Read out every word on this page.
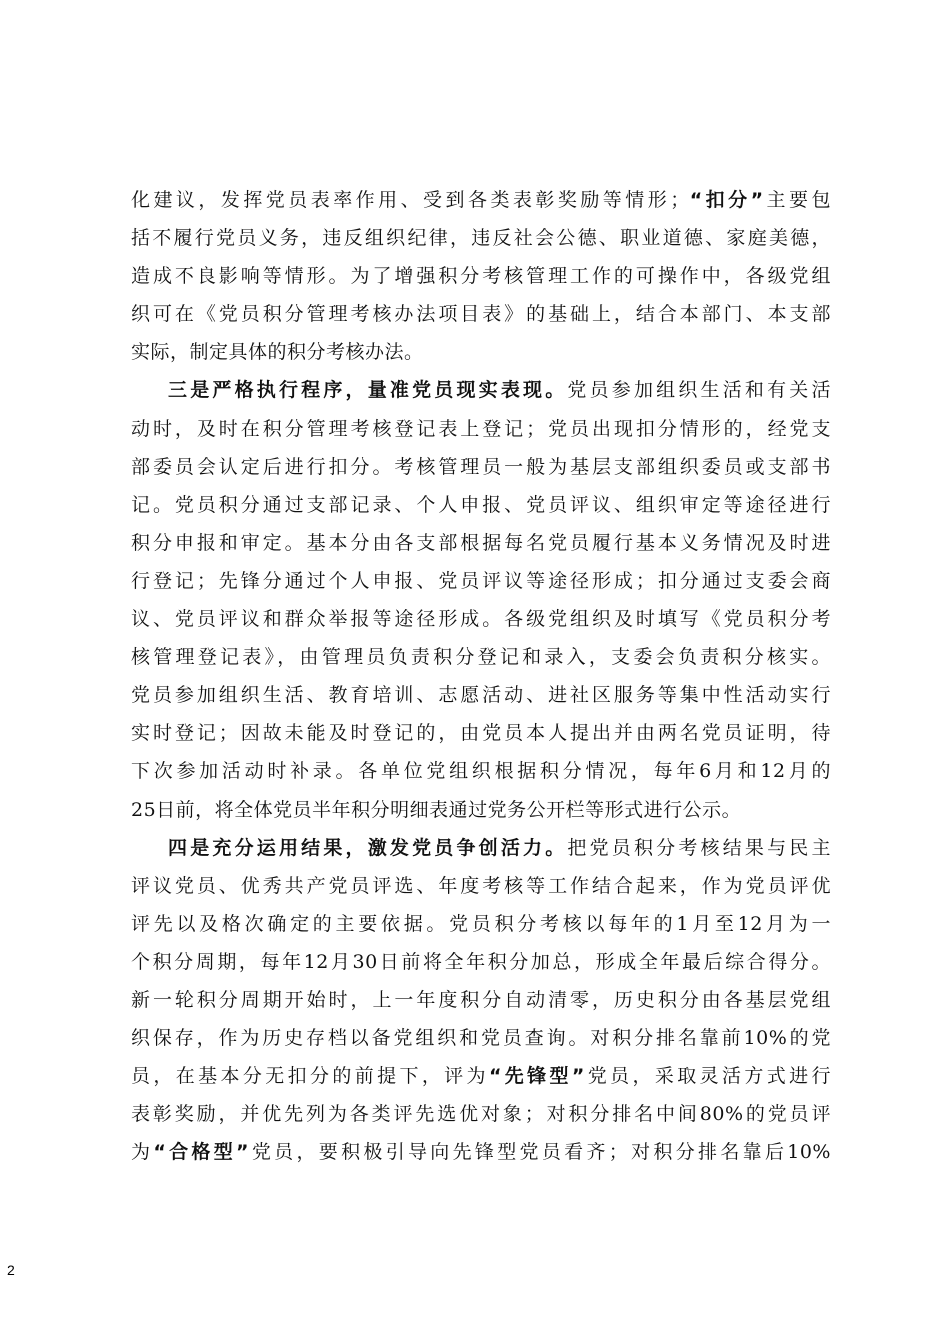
化建议，发挥党员表率作用、受到各类表彰奖励等情形；“扣分”主要包
括不履行党员义务，违反组织纪律，违反社会公德、职业道德、家庭美德，
造成不良影响等情形。为了增强积分考核管理工作的可操作中，各级党组
织可在《党员积分管理考核办法项目表》的基础上，结合本部门、本支部
实际，制定具体的积分考核办法。
三是严格执行程序，量准党员现实表现。党员参加组织生活和有关活
动时，及时在积分管理考核登记表上登记；党员出现扣分情形的，经党支
部委员会认定后进行扣分。考核管理员一般为基层支部组织委员或支部书
记。党员积分通过支部记录、个人申报、党员评议、组织审定等途径进行
积分申报和审定。基本分由各支部根据每名党员履行基本义务情况及时进
行登记；先锋分通过个人申报、党员评议等途径形成；扣分通过支委会商
议、党员评议和群众举报等途径形成。各级党组织及时填写《党员积分考
核管理登记表》，由管理员负责积分登记和录入，支委会负责积分核实。
党员参加组织生活、教育培训、志愿活动、进社区服务等集中性活动实行
实时登记；因故未能及时登记的，由党员本人提出并由两名党员证明，待
下次参加活动时补录。各单位党组织根据积分情况，每年6月和12月的
25日前，将全体党员半年积分明细表通过党务公开栏等形式进行公示。
四是充分运用结果，激发党员争创活力。把党员积分考核结果与民主
评议党员、优秀共产党员评选、年度考核等工作结合起来，作为党员评优
评先以及格次确定的主要依据。党员积分考核以每年的1月至12月为一
个积分周期，每年12月30日前将全年积分加总，形成全年最后综合得分。
新一轮积分周期开始时，上一年度积分自动清零，历史积分由各基层党组
织保存，作为历史存档以备党组织和党员查询。对积分排名靠前10%的党
员，在基本分无扣分的前提下，评为“先锋型”党员，采取灵活方式进行
表彰奖励，并优先列为各类评先选优对象；对积分排名中间80%的党员评
为“合格型”党员，要积极引导向先锋型党员看齐；对积分排名靠后10%
2
